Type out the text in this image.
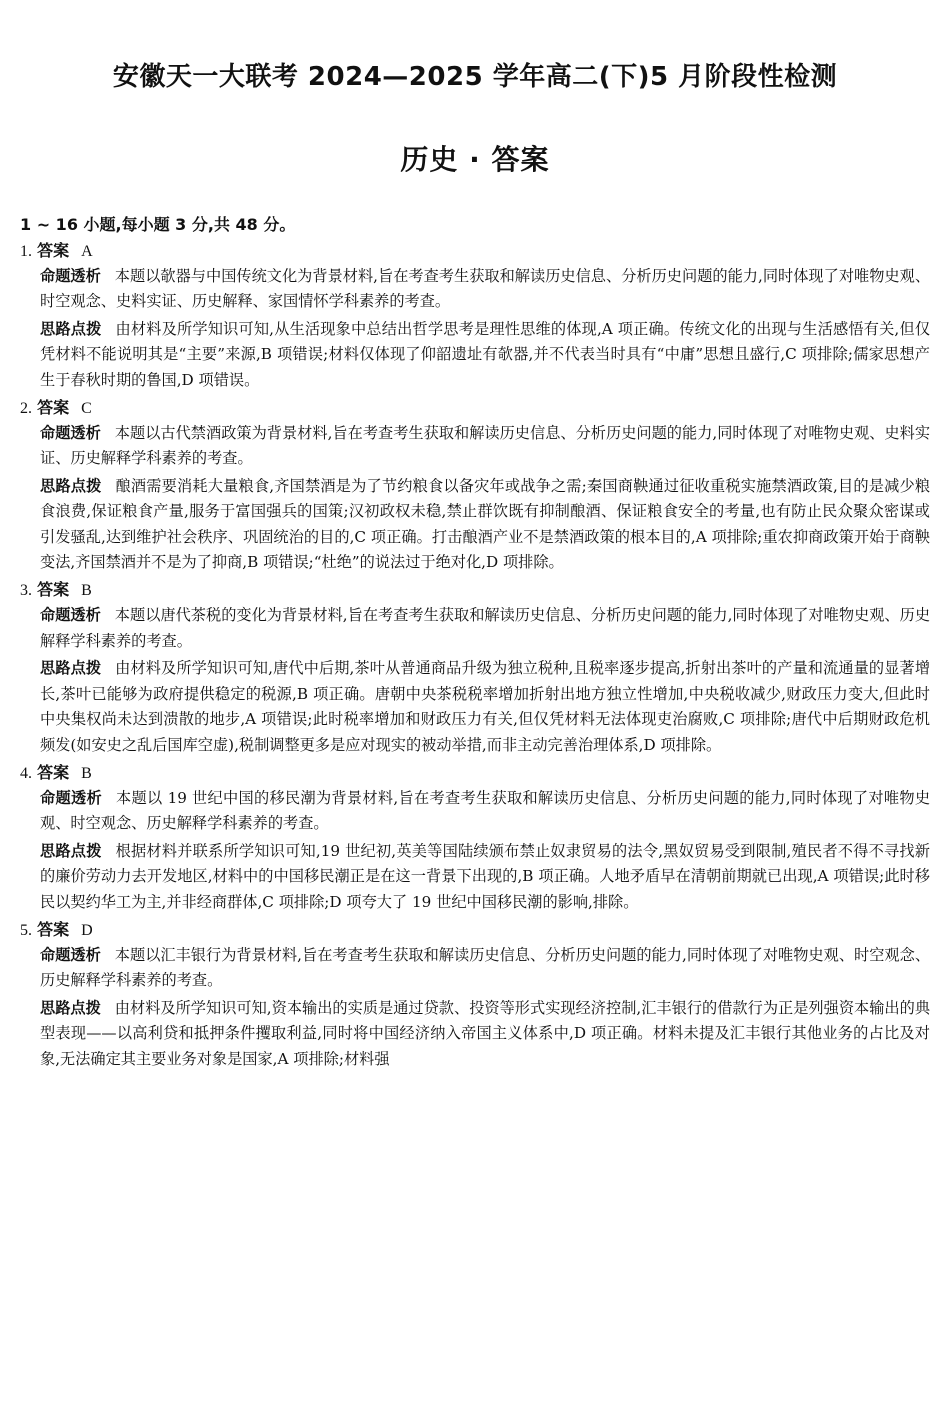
安徽天一大联考 2024—2025 学年高二(下)5 月阶段性检测
历史 · 答案
1 ~ 16 小题,每小题 3 分,共 48 分。
1. 答案 A

命题透析 本题以欹器与中国传统文化为背景材料,旨在考查考生获取和解读历史信息、分析历史问题的能力,同时体现了对唯物史观、时空观念、史料实证、历史解释、家国情怀学科素养的考查。

思路点拨 由材料及所学知识可知,从生活现象中总结出哲学思考是理性思维的体现,A 项正确。传统文化的出现与生活感悟有关,但仅凭材料不能说明其是“主要”来源,B 项错误;材料仅体现了仰韶遗址有欹器,并不代表当时具有“中庸”思想且盛行,C 项排除;儒家思想产生于春秋时期的鲁国,D 项错误。

2. 答案 C

命题透析 本题以古代禁酒政策为背景材料,旨在考查考生获取和解读历史信息、分析历史问题的能力,同时体现了对唯物史观、史料实证、历史解释学科素养的考查。

思路点拨 酿酒需要消耗大量粮食,齐国禁酒是为了节约粮食以备灾年或战争之需;秦国商鞅通过征收重税实施禁酒政策,目的是减少粮食浪费,保证粮食产量,服务于富国强兵的国策;汉初政权未稳,禁止群饮既有抑制酿酒、保证粮食安全的考量,也有防止民众聚众密谋或引发骚乱,达到维护社会秩序、巩固统治的目的,C 项正确。打击酿酒产业不是禁酒政策的根本目的,A 项排除;重农抑商政策开始于商鞅变法,齐国禁酒并不是为了抑商,B 项错误;“杜绝”的说法过于绝对化,D 项排除。

3. 答案 B

命题透析 本题以唐代茶税的变化为背景材料,旨在考查考生获取和解读历史信息、分析历史问题的能力,同时体现了对唯物史观、历史解释学科素养的考查。

思路点拨 由材料及所学知识可知,唐代中后期,茶叶从普通商品升级为独立税种,且税率逐步提高,折射出茶叶的产量和流通量的显著增长,茶叶已能够为政府提供稳定的税源,B 项正确。唐朝中央茶税税率增加折射出地方独立性增加,中央税收减少,财政压力变大,但此时中央集权尚未达到溃散的地步,A 项错误;此时税率增加和财政压力有关,但仅凭材料无法体现吏治腐败,C 项排除;唐代中后期财政危机频发(如安史之乱后国库空虚),税制调整更多是应对现实的被动举措,而非主动完善治理体系,D 项排除。

4. 答案 B

命题透析 本题以 19 世纪中国的移民潮为背景材料,旨在考查考生获取和解读历史信息、分析历史问题的能力,同时体现了对唯物史观、时空观念、历史解释学科素养的考查。

思路点拨 根据材料并联系所学知识可知,19 世纪初,英美等国陆续颁布禁止奴隶贸易的法令,黑奴贸易受到限制,殖民者不得不寻找新的廉价劳动力去开发地区,材料中的中国移民潮正是在这一背景下出现的,B 项正确。人地矛盾早在清朝前期就已出现,A 项错误;此时移民以契约华工为主,并非经商群体,C 项排除;D 项夸大了 19 世纪中国移民潮的影响,排除。

5. 答案 D

命题透析 本题以汇丰银行为背景材料,旨在考查考生获取和解读历史信息、分析历史问题的能力,同时体现了对唯物史观、时空观念、历史解释学科素养的考查。

思路点拨 由材料及所学知识可知,资本输出的实质是通过贷款、投资等形式实现经济控制,汇丰银行的借款行为正是列强资本输出的典型表现——以高利贷和抵押条件攫取利益,同时将中国经济纳入帝国主义体系中,D 项正确。材料未提及汇丰银行其他业务的占比及对象,无法确定其主要业务对象是国家,A 项排除;材料强
